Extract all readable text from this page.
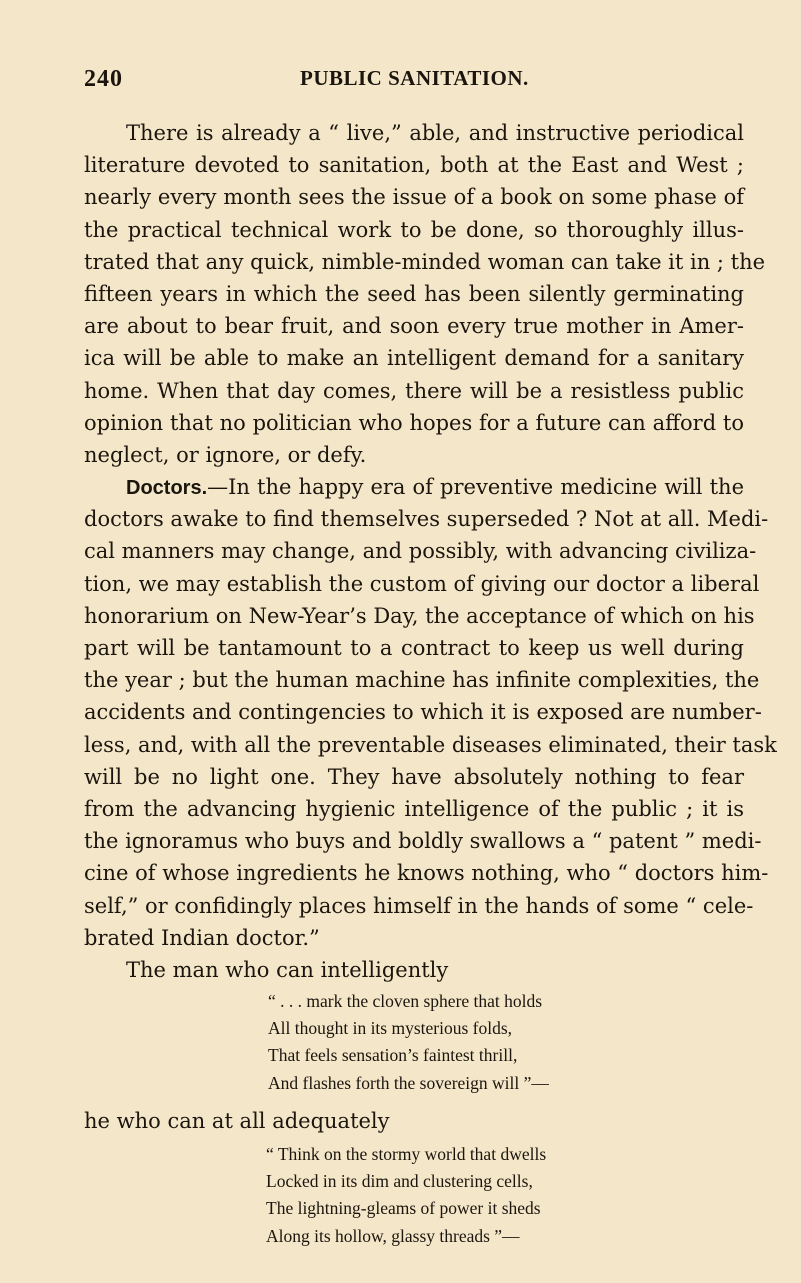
240	PUBLIC SANITATION.
There is already a “ live,” able, and instructive periodical
literature devoted to sanitation, both at the East and West ;
nearly every month sees the issue of a book on some phase of
the practical technical work to be done, so thoroughly illus-
trated that any quick, nimble-minded woman can take it in ; the
fifteen years in which the seed has been silently germinating
are about to bear fruit, and soon every true mother in Amer-
ica will be able to make an intelligent demand for a sanitary
home. When that day comes, there will be a resistless public
opinion that no politician who hopes for a future can afford to
neglect, or ignore, or defy.
Doctors.—In the happy era of preventive medicine will the
doctors awake to find themselves superseded ? Not at all. Medi-
cal manners may change, and possibly, with advancing civiliza-
tion, we may establish the custom of giving our doctor a liberal
honorarium on New-Year’s Day, the acceptance of which on his
part will be tantamount to a contract to keep us well during
the year ; but the human machine has infinite complexities, the
accidents and contingencies to which it is exposed are number-
less, and, with all the preventable diseases eliminated, their task
will be no light one. They have absolutely nothing to fear
from the advancing hygienic intelligence of the public ; it is
the ignoramus who buys and boldly swallows a “ patent ” medi-
cine of whose ingredients he knows nothing, who “ doctors him-
self,” or confidingly places himself in the hands of some “ cele-
brated Indian doctor.”
The man who can intelligently
“ . . . mark the cloven sphere that holds
All thought in its mysterious folds,
That feels sensation’s faintest thrill,
And flashes forth the sovereign will ”—
he who can at all adequately
“ Think on the stormy world that dwells
Locked in its dim and clustering cells,
The lightning-gleams of power it sheds
Along its hollow, glassy threads ”—
